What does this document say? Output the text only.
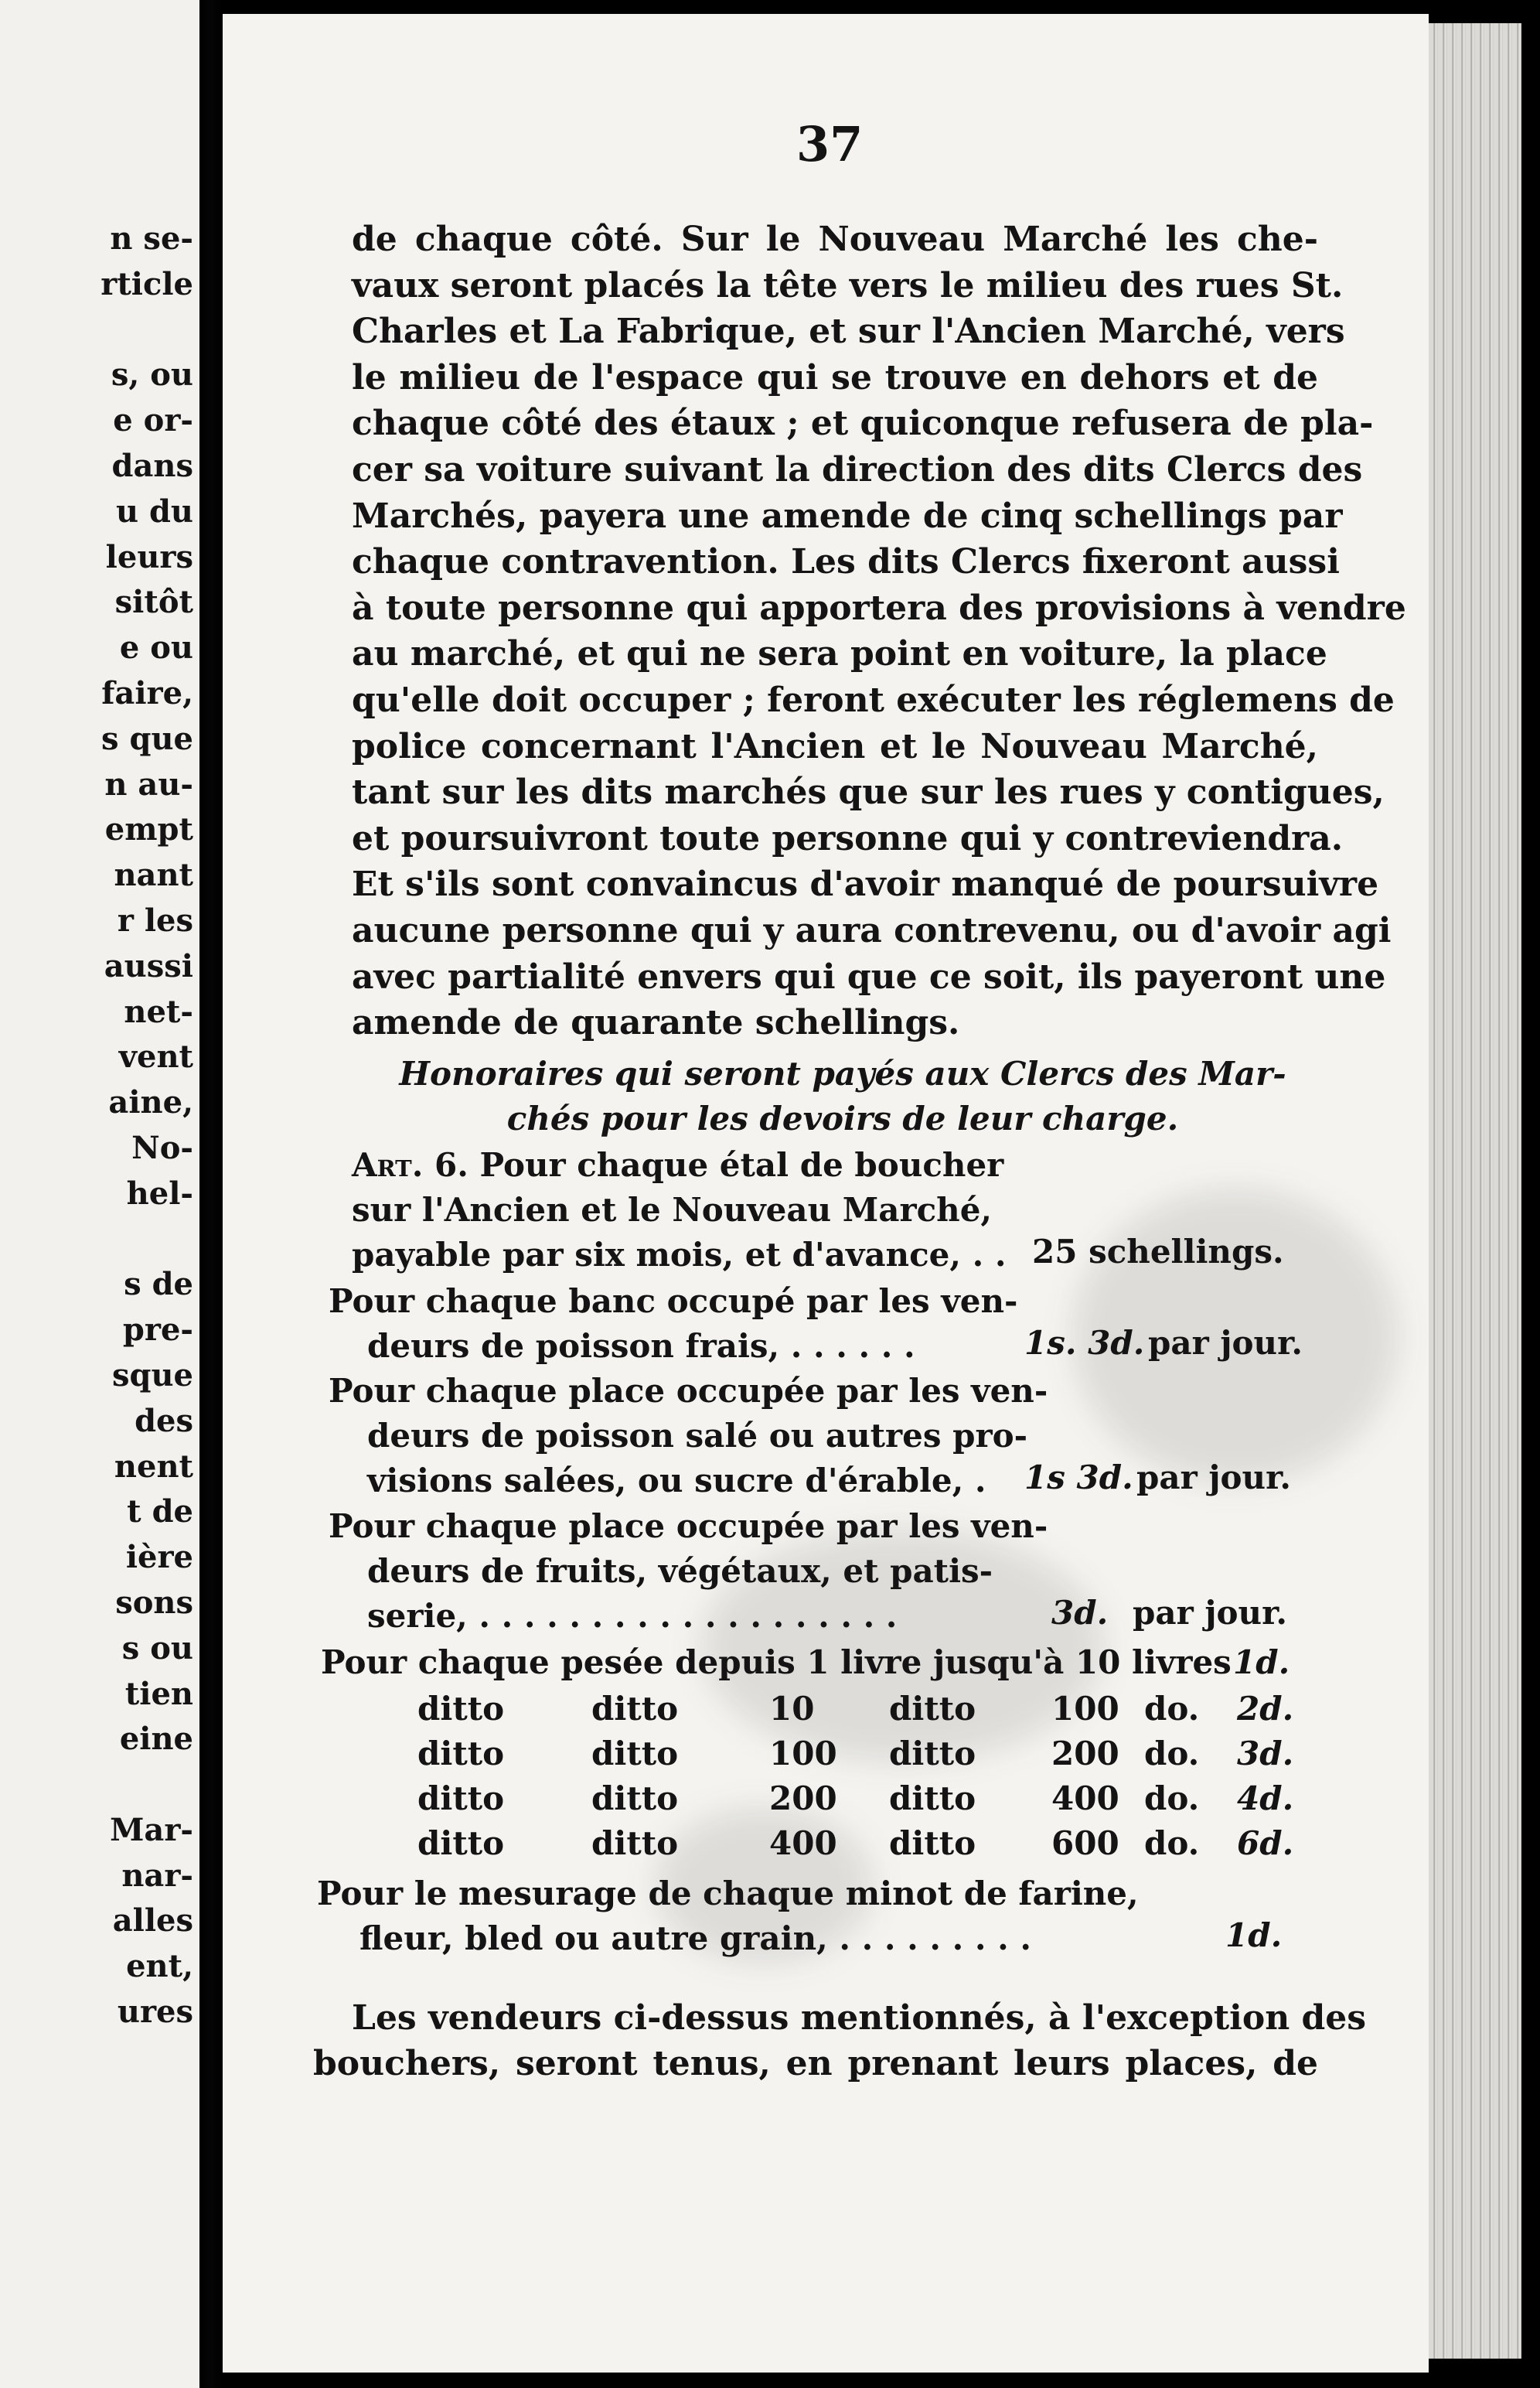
n se-
rticle
s, ou
e or-
dans
u du
leurs
sitôt
e ou
faire,
s que
n au-
empt
nant
r les
aussi
net-
vent
aine,
No-
hel-
s de
pre-
sque
des
nent
t de
ière
sons
s ou
tien
eine
Mar-
nar-
alles
ent,
ures
37
de chaque côté. Sur le Nouveau Marché les che-
vaux seront placés la tête vers le milieu des rues St.
Charles et La Fabrique, et sur l'Ancien Marché, vers
le milieu de l'espace qui se trouve en dehors et de
chaque côté des étaux ; et quiconque refusera de pla-
cer sa voiture suivant la direction des dits Clercs des
Marchés, payera une amende de cinq schellings par
chaque contravention. Les dits Clercs fixeront aussi
à toute personne qui apportera des provisions à vendre
au marché, et qui ne sera point en voiture, la place
qu'elle doit occuper ; feront exécuter les réglemens de
police concernant l'Ancien et le Nouveau Marché,
tant sur les dits marchés que sur les rues y contigues,
et poursuivront toute personne qui y contreviendra.
Et s'ils sont convaincus d'avoir manqué de poursuivre
aucune personne qui y aura contrevenu, ou d'avoir agi
avec partialité envers qui que ce soit, ils payeront une
amende de quarante schellings.
Honoraires qui seront payés aux Clercs des Mar-
chés pour les devoirs de leur charge.
Art. 6. Pour chaque étal de boucher
sur l'Ancien et le Nouveau Marché,
payable par six mois, et d'avance, . . 25 schellings.
Pour chaque banc occupé par les ven-
deurs de poisson frais, . . . . . .	1s. 3d. par jour.
Pour chaque place occupée par les ven-
deurs de poisson salé ou autres pro-
visions salées, ou sucre d'érable, .	1s 3d. par jour.
Pour chaque place occupée par les ven-
deurs de fruits, végétaux, et patis-
serie, . . . . . . . . . . . . . . . . . . .	3d. par jour.
Pour chaque pesée depuis 1 livre jusqu'à 10 livres 1d.
ditto	ditto	10 ditto 100 do. 2d.
ditto	ditto	100 ditto 200 do. 3d.
ditto	ditto	200 ditto 400 do. 4d.
ditto	ditto	400 ditto 600 do. 6d.
Pour le mesurage de chaque minot de farine,
fleur, bled ou autre grain, . . . . . . . . .	1d.
Les vendeurs ci-dessus mentionnés, à l'exception des
bouchers, seront tenus, en prenant leurs places, de
